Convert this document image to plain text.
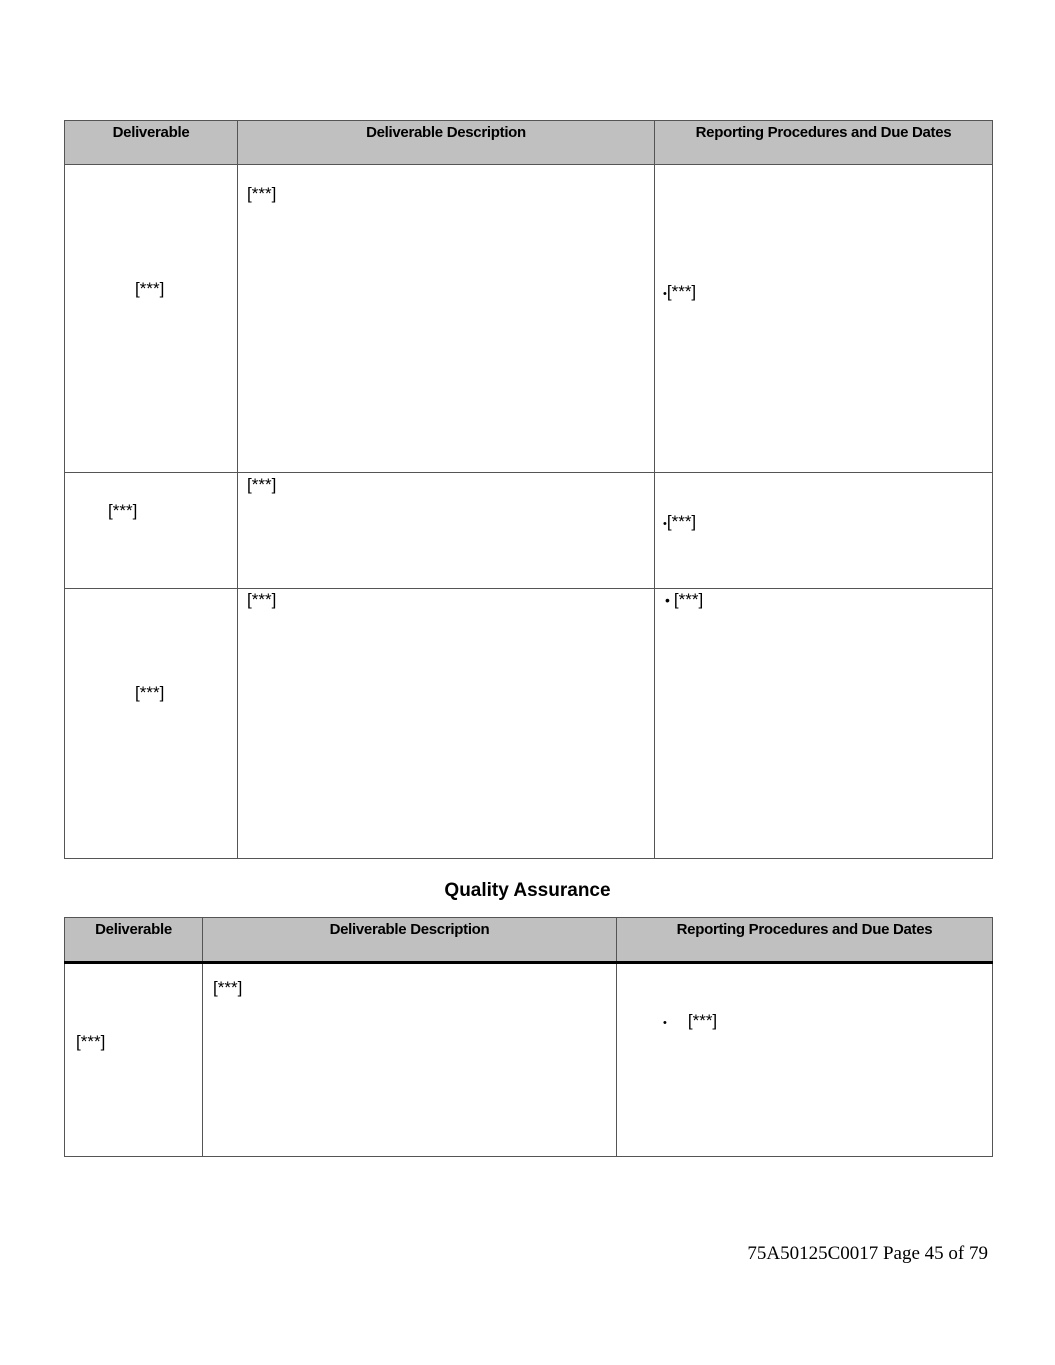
Deliverable	Deliverable Description	Reporting Procedures and Due Dates

[***]	[***]	•[***]

[***]	[***]	•[***]

[***]	[***]	• [***]
Quality Assurance
Deliverable	Deliverable Description	Reporting Procedures and Due Dates

[***]	[***]	• [***]
75A50125C0017 Page 45 of 79
